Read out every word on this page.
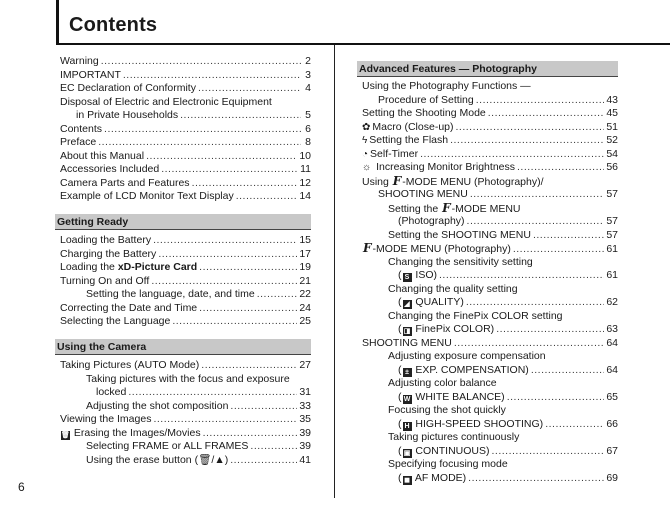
Contents
6
Warning .....	2
IMPORTANT .....	3
EC Declaration of Conformity .....	4
Disposal of Electric and Electronic Equipment
in Private Households .....	5
Contents .....	6
Preface .....	8
About this Manual .....	10
Accessories Included .....	11
Camera Parts and Features .....	12
Example of LCD Monitor Text Display .....	14
Getting Ready
Loading the Battery .....	15
Charging the Battery .....	17
Loading the xD-Picture Card .....	19
Turning On and Off .....	21
Setting the language, date, and time .....	22
Correcting the Date and Time .....	24
Selecting the Language .....	25
Using the Camera
Taking Pictures (AUTO Mode) .....	27
Taking pictures with the focus and exposure
locked .....	31
Adjusting the shot composition .....	33
Viewing the Images .....	35
🗑 Erasing the Images/Movies .....	39
Selecting FRAME or ALL FRAMES .....	39
Using the erase button (🗑/▲) .....	41
Advanced Features — Photography
Using the Photography Functions —
Procedure of Setting .....	43
Setting the Shooting Mode .....	45
✿ Macro (Close-up) .....	51
ϟ Setting the Flash .....	52
◔ Self-Timer .....	54
☼ Increasing Monitor Brightness .....	56
Using F-MODE MENU (Photography)/
SHOOTING MENU .....	57
Setting the F-MODE MENU
(Photography) .....	57
Setting the SHOOTING MENU .....	57
F-MODE MENU (Photography) .....	61
Changing the sensitivity setting
( S ISO) .....	61
Changing the quality setting
( ◢ QUALITY) .....	62
Changing the FinePix COLOR setting
( ◨ FinePix COLOR) .....	63
SHOOTING MENU .....	64
Adjusting exposure compensation
( ± EXP. COMPENSATION) .....	64
Adjusting color balance
( W WHITE BALANCE) .....	65
Focusing the shot quickly
( H HIGH-SPEED SHOOTING) .....	66
Taking pictures continuously
( ▣ CONTINUOUS) .....	67
Specifying focusing mode
( ◼ AF MODE) .....	69
